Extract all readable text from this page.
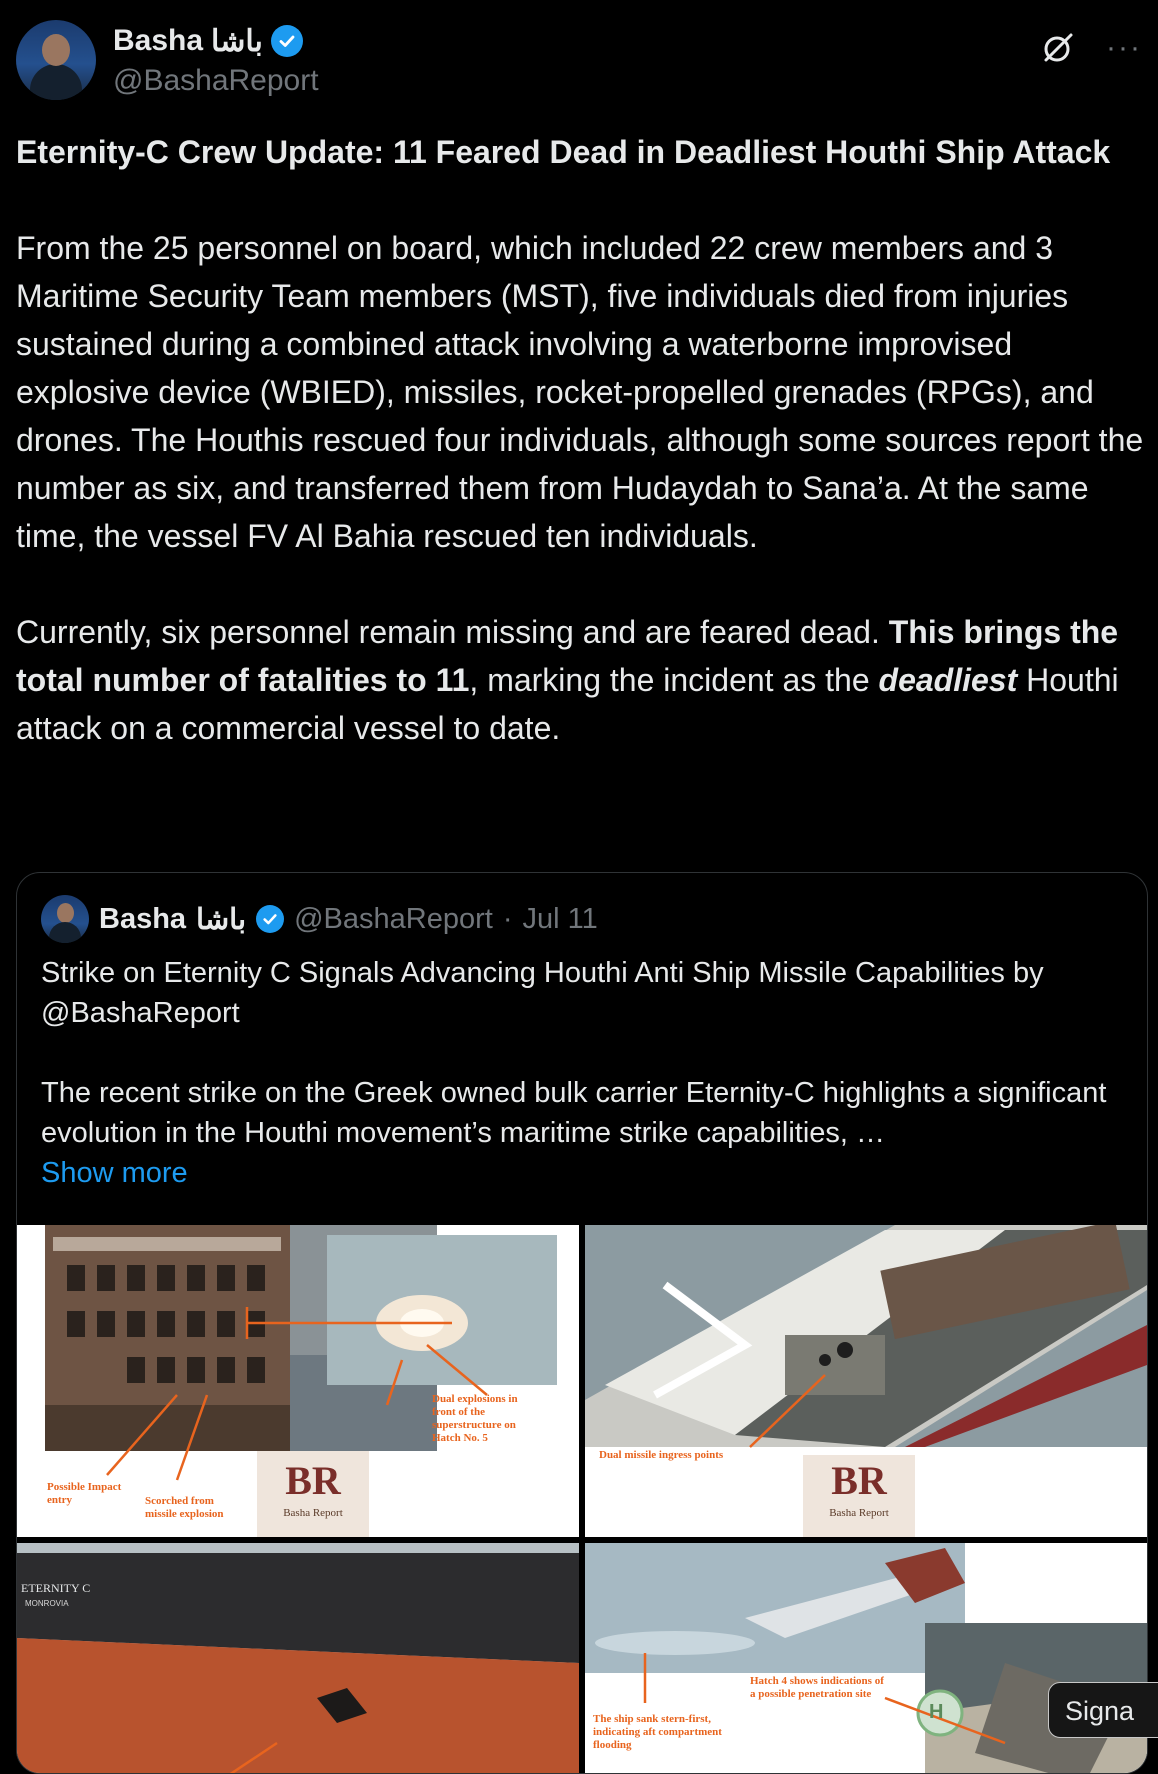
Basha باشا
@BashaReport
···

Eternity-C Crew Update: 11 Feared Dead in Deadliest Houthi Ship Attack

From the 25 personnel on board, which included 22 crew members and 3 Maritime Security Team members (MST), five individuals died from injuries sustained during a combined attack involving a waterborne improvised explosive device (WBIED), missiles, rocket-propelled grenades (RPGs), and drones. The Houthis rescued four individuals, although some sources report the number as six, and transferred them from Hudaydah to Sana’a. At the same time, the vessel FV Al Bahia rescued ten individuals.

Currently, six personnel remain missing and are feared dead. This brings the total number of fatalities to 11, marking the incident as the deadliest Houthi attack on a commercial vessel to date.

Basha باشا @BashaReport · Jul 11

Strike on Eternity C Signals Advancing Houthi Anti Ship Missile Capabilities by @BashaReport

The recent strike on the Greek owned bulk carrier Eternity-C highlights a significant evolution in the Houthi movement’s maritime strike capabilities, …

Show more
Dual explosions in front of the superstructure on Hatch No. 5
Possible Impact entry	Scorched from missile explosion
BR
Basha Report
Dual missile ingress points
BR
Basha Report
ETERNITY C
MONROVIA
Hatch 4 shows indications of a possible penetration site
The ship sank stern-first, indicating aft compartment flooding
H	Signa
